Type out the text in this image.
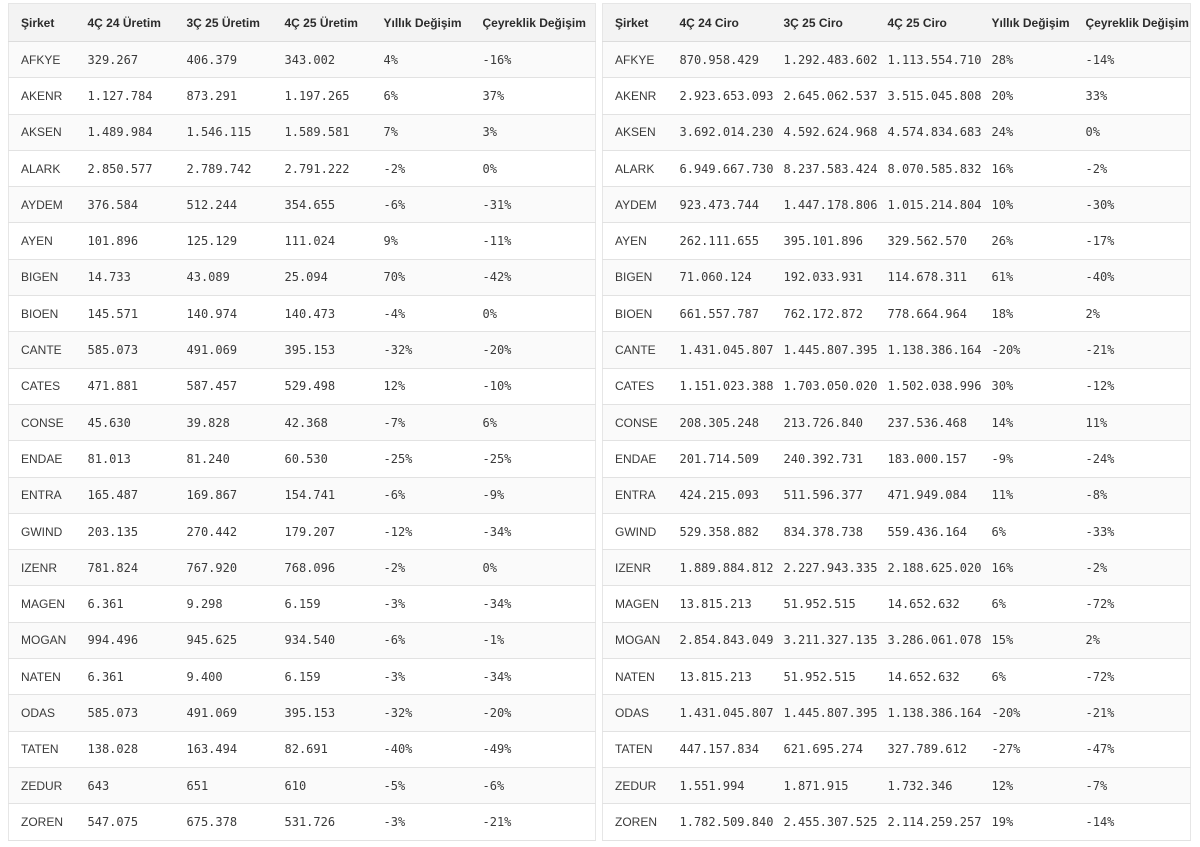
Şirket	4Ç 24 Üretim	3Ç 25 Üretim	4Ç 25 Üretim	Yıllık Değişim	Çeyreklik Değişim
AFKYE	329.267	406.379	343.002	4%	-16%
AKENR	1.127.784	873.291	1.197.265	6%	37%
AKSEN	1.489.984	1.546.115	1.589.581	7%	3%
ALARK	2.850.577	2.789.742	2.791.222	-2%	0%
AYDEM	376.584	512.244	354.655	-6%	-31%
AYEN	101.896	125.129	111.024	9%	-11%
BIGEN	14.733	43.089	25.094	70%	-42%
BIOEN	145.571	140.974	140.473	-4%	0%
CANTE	585.073	491.069	395.153	-32%	-20%
CATES	471.881	587.457	529.498	12%	-10%
CONSE	45.630	39.828	42.368	-7%	6%
ENDAE	81.013	81.240	60.530	-25%	-25%
ENTRA	165.487	169.867	154.741	-6%	-9%
GWIND	203.135	270.442	179.207	-12%	-34%
IZENR	781.824	767.920	768.096	-2%	0%
MAGEN	6.361	9.298	6.159	-3%	-34%
MOGAN	994.496	945.625	934.540	-6%	-1%
NATEN	6.361	9.400	6.159	-3%	-34%
ODAS	585.073	491.069	395.153	-32%	-20%
TATEN	138.028	163.494	82.691	-40%	-49%
ZEDUR	643	651	610	-5%	-6%
ZOREN	547.075	675.378	531.726	-3%	-21%
Şirket	4Ç 24 Ciro	3Ç 25 Ciro	4Ç 25 Ciro	Yıllık Değişim	Çeyreklik Değişim
AFKYE	870.958.429	1.292.483.602	1.113.554.710	28%	-14%
AKENR	2.923.653.093	2.645.062.537	3.515.045.808	20%	33%
AKSEN	3.692.014.230	4.592.624.968	4.574.834.683	24%	0%
ALARK	6.949.667.730	8.237.583.424	8.070.585.832	16%	-2%
AYDEM	923.473.744	1.447.178.806	1.015.214.804	10%	-30%
AYEN	262.111.655	395.101.896	329.562.570	26%	-17%
BIGEN	71.060.124	192.033.931	114.678.311	61%	-40%
BIOEN	661.557.787	762.172.872	778.664.964	18%	2%
CANTE	1.431.045.807	1.445.807.395	1.138.386.164	-20%	-21%
CATES	1.151.023.388	1.703.050.020	1.502.038.996	30%	-12%
CONSE	208.305.248	213.726.840	237.536.468	14%	11%
ENDAE	201.714.509	240.392.731	183.000.157	-9%	-24%
ENTRA	424.215.093	511.596.377	471.949.084	11%	-8%
GWIND	529.358.882	834.378.738	559.436.164	6%	-33%
IZENR	1.889.884.812	2.227.943.335	2.188.625.020	16%	-2%
MAGEN	13.815.213	51.952.515	14.652.632	6%	-72%
MOGAN	2.854.843.049	3.211.327.135	3.286.061.078	15%	2%
NATEN	13.815.213	51.952.515	14.652.632	6%	-72%
ODAS	1.431.045.807	1.445.807.395	1.138.386.164	-20%	-21%
TATEN	447.157.834	621.695.274	327.789.612	-27%	-47%
ZEDUR	1.551.994	1.871.915	1.732.346	12%	-7%
ZOREN	1.782.509.840	2.455.307.525	2.114.259.257	19%	-14%
